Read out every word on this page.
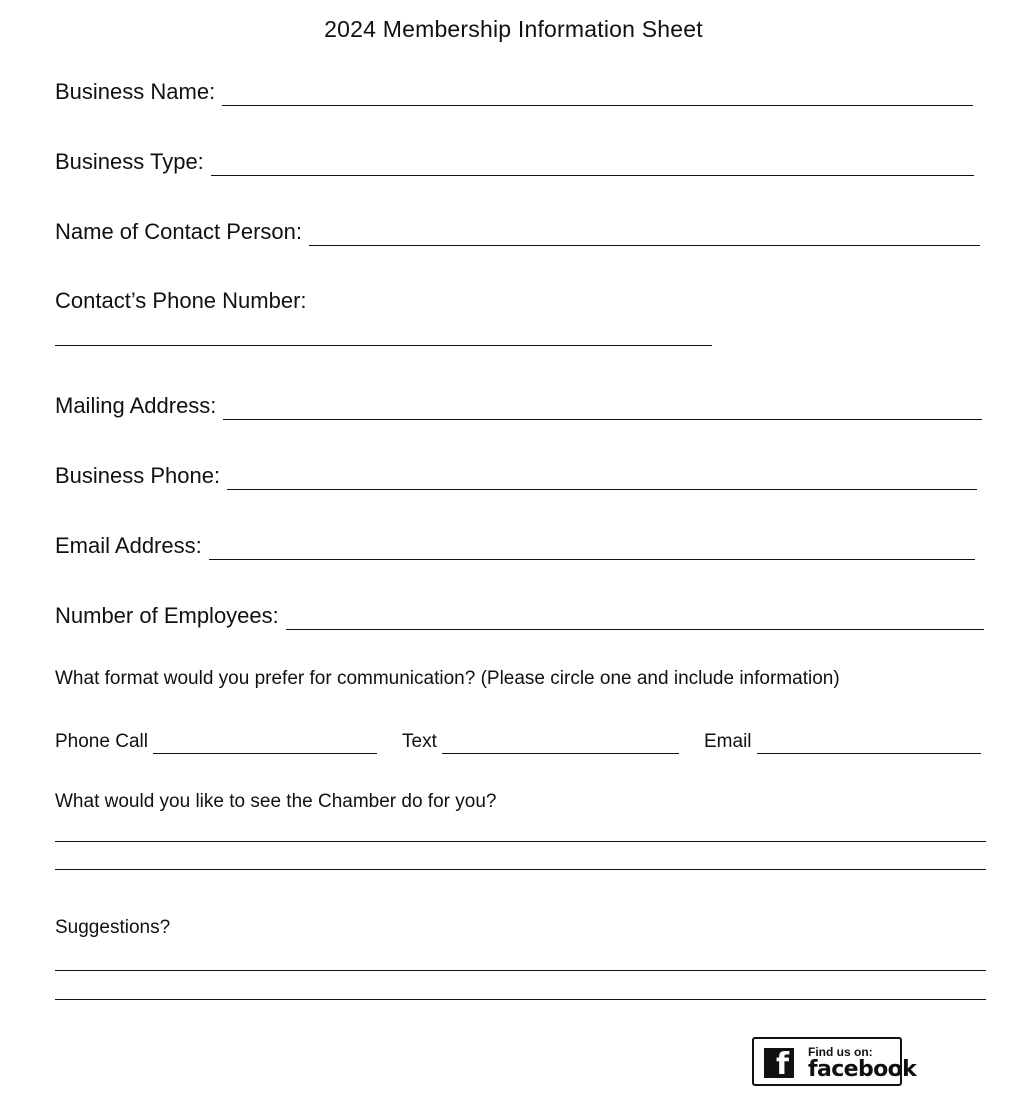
2024 Membership Information Sheet
Business Name:
Business Type:
Name of Contact Person:
Contact’s Phone Number:
Mailing Address:
Business Phone:
Email Address:
Number of Employees:
What format would you prefer for communication? (Please circle one and include information)
Phone Call	Text	Email
What would you like to see the Chamber do for you?
Suggestions?
f	Find us on:
facebook
